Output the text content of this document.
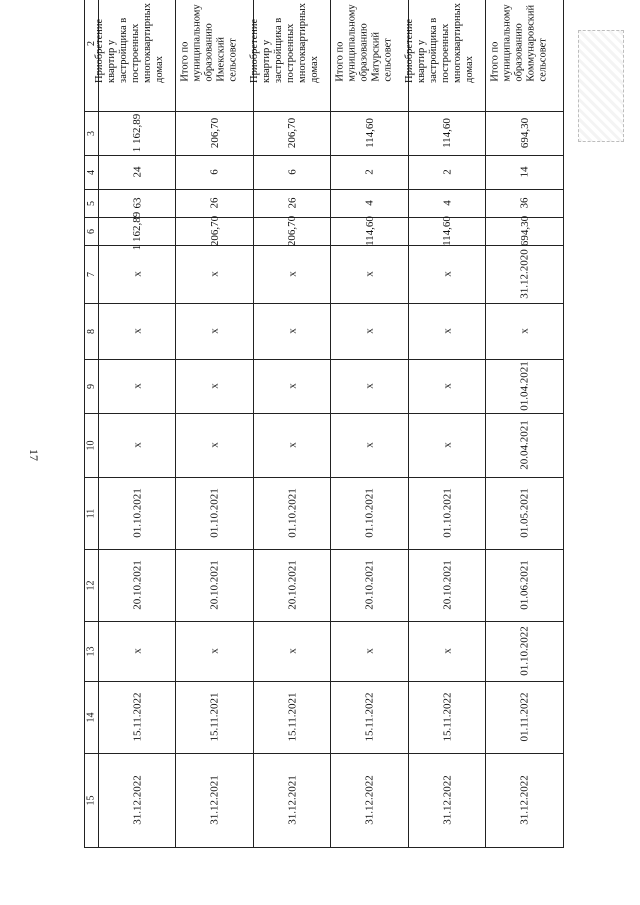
17
31.12.2022	31.12.2022	31.12.2022	31.12.2021	31.12.2021	31.12.2022	15

01.11.2022	15.11.2022	15.11.2022	15.11.2021	15.11.2021	15.11.2022	14

01.10.2022	x	x	x	x	x	13

01.06.2021	20.10.2021	20.10.2021	20.10.2021	20.10.2021	20.10.2021	12

01.05.2021	01.10.2021	01.10.2021	01.10.2021	01.10.2021	01.10.2021	11

20.04.2021	x	x	x	x	x	10

01.04.2021	x	x	x	x	x	9

x	x	x	x	x	x	8

31.12.2020	x	x	x	x	x	7

694,30	114,60	114,60	206,70	206,70	1 162,89	6

36	4	4	26	26	63	5

14	2	2	6	6	24	4

694,30	114,60	114,60	206,70	206,70	1 162,89	3

Итого по муниципальному образованию Коммунаровский сельсовет	Приобретение квартир у застройщика в построенных многоквартирных домах	Итого по муниципальному образованию Матурский сельсовет	Приобретение квартир у застройщика в построенных многоквартирных домах	Итого по муниципальному образованию Имекский сельсовет	Приобретение квартир у застройщика в построенных многоквартирных домах	2
